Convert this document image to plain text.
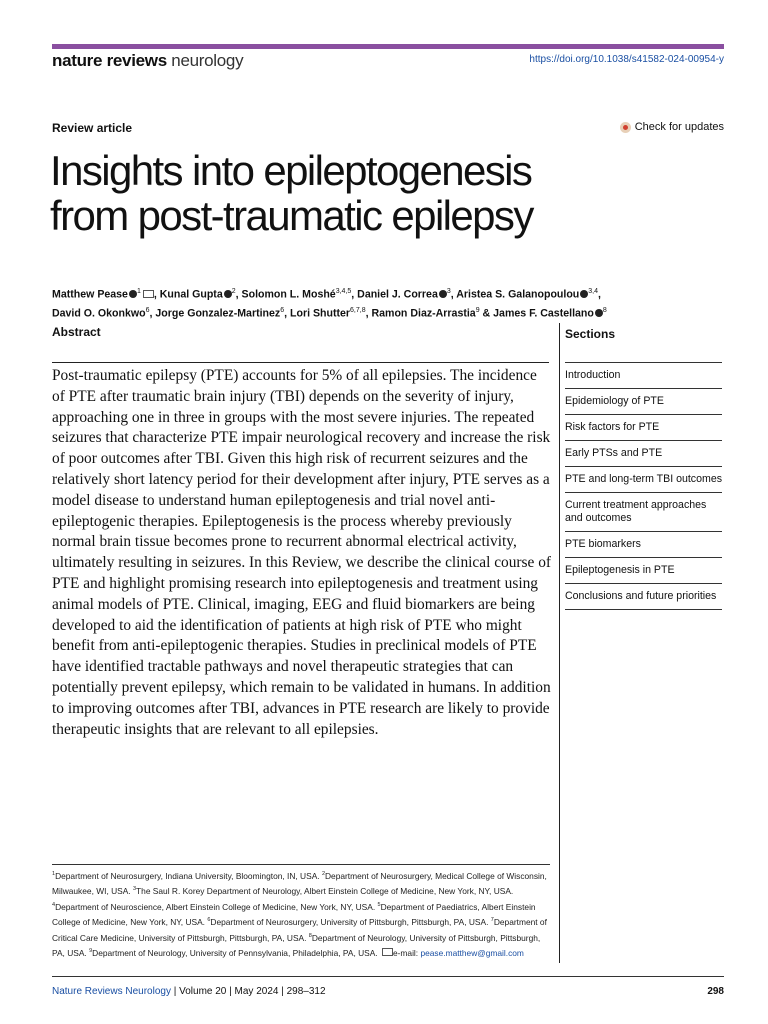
nature reviews neurology	https://doi.org/10.1038/s41582-024-00954-y
Review article	Check for updates
Insights into epileptogenesis
from post-traumatic epilepsy
Matthew Pease $^1$ , Kunal Gupta $^2$, Solomon L. Moshé$^{3,4,5}$, Daniel J. Correa $^3$, Aristea S. Galanopoulou $^{3,4}$,
David O. Okonkwo$^6$, Jorge Gonzalez-Martinez$^6$, Lori Shutter$^{6,7,8}$, Ramon Diaz-Arrastia$^9$ & James F. Castellano $^8$
Abstract

Post-traumatic epilepsy (PTE) accounts for 5% of all epilepsies. The incidence of PTE after traumatic brain injury (TBI) depends on the severity of injury, approaching one in three in groups with the most severe injuries. The repeated seizures that characterize PTE impair neurological recovery and increase the risk of poor outcomes after TBI. Given this high risk of recurrent seizures and the relatively short latency period for their development after injury, PTE serves as a model disease to understand human epileptogenesis and trial novel anti-epileptogenic therapies. Epileptogenesis is the process whereby previously normal brain tissue becomes prone to recurrent abnormal electrical activity, ultimately resulting in seizures. In this Review, we describe the clinical course of PTE and highlight promising research into epileptogenesis and treatment using animal models of PTE. Clinical, imaging, EEG and fluid biomarkers are being developed to aid the identification of patients at high risk of PTE who might benefit from anti-epileptogenic therapies. Studies in preclinical models of PTE have identified tractable pathways and novel therapeutic strategies that can potentially prevent epilepsy, which remain to be validated in humans. In addition to improving outcomes after TBI, advances in PTE research are likely to provide therapeutic insights that are relevant to all epilepsies.

Sections
Introduction
Epidemiology of PTE
Risk factors for PTE
Early PTSs and PTE
PTE and long-term TBI outcomes
Current treatment approaches and outcomes
PTE biomarkers
Epileptogenesis in PTE
Conclusions and future priorities

$^1$Department of Neurosurgery, Indiana University, Bloomington, IN, USA. $^2$Department of Neurosurgery, Medical College of Wisconsin, Milwaukee, WI, USA. $^3$The Saul R. Korey Department of Neurology, Albert Einstein College of Medicine, New York, NY, USA. $^4$Department of Neuroscience, Albert Einstein College of Medicine, New York, NY, USA. $^5$Department of Paediatrics, Albert Einstein College of Medicine, New York, NY, USA. $^6$Department of Neurosurgery, University of Pittsburgh, Pittsburgh, PA, USA. $^7$Department of Critical Care Medicine, University of Pittsburgh, Pittsburgh, PA, USA. $^8$Department of Neurology, University of Pittsburgh, Pittsburgh, PA, USA. $^9$Department of Neurology, University of Pennsylvania, Philadelphia, PA, USA. e-mail: pease.matthew@gmail.com

Nature Reviews Neurology | Volume 20 | May 2024 | 298–312	298
